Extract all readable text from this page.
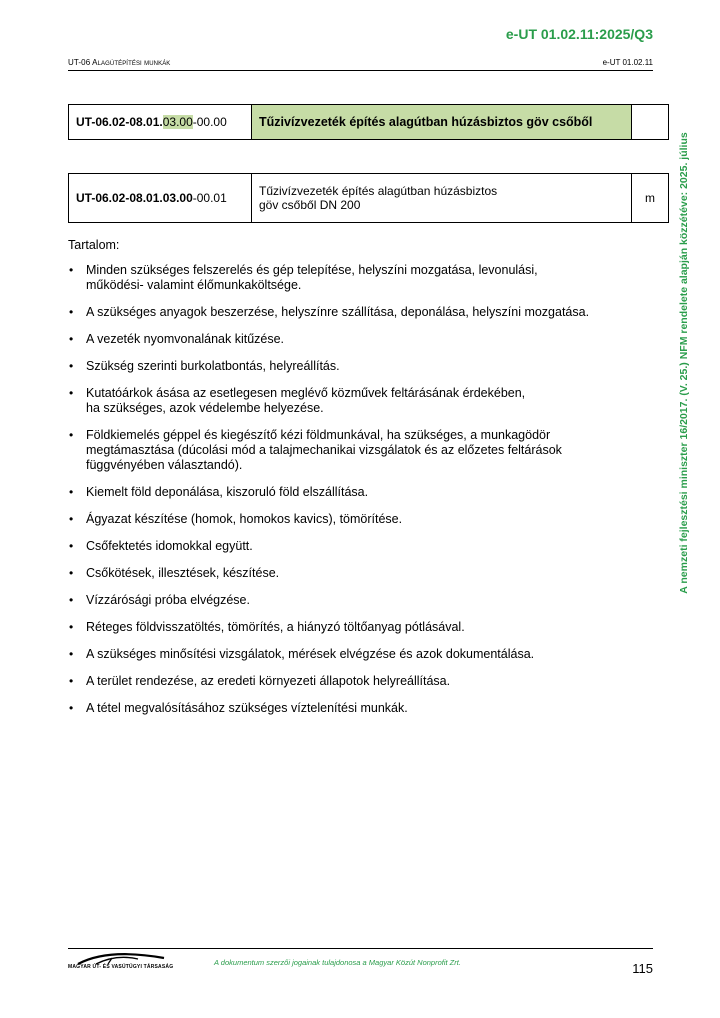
e-UT 01.02.11:2025/Q3
UT-06 Alagútépítési munkák	e-UT 01.02.11
A nemzeti fejlesztési miniszter 16/2017. (V. 25.) NFM rendelete alapján közzétéve: 2025. július
UT-06.02-08.01.03.00-00.00	Tűzivízvezeték építés alagútban húzásbiztos göv csőből	
UT-06.02-08.01.03.00-00.01	Tűzivízvezeték építés alagútban húzásbiztos
göv csőből DN 200	m
Tartalom:
• Minden szükséges felszerelés és gép telepítése, helyszíni mozgatása, levonulási,
működési- valamint élőmunkaköltsége.
• A szükséges anyagok beszerzése, helyszínre szállítása, deponálása, helyszíni mozgatása.
• A vezeték nyomvonalának kitűzése.
• Szükség szerinti burkolatbontás, helyreállítás.
• Kutatóárkok ásása az esetlegesen meglévő közművek feltárásának érdekében,
ha szükséges, azok védelembe helyezése.
• Földkiemelés géppel és kiegészítő kézi földmunkával, ha szükséges, a munkagödör
megtámasztása (dúcolási mód a talajmechanikai vizsgálatok és az előzetes feltárások
függvényében választandó).
• Kiemelt föld deponálása, kiszoruló föld elszállítása.
• Ágyazat készítése (homok, homokos kavics), tömörítése.
• Csőfektetés idomokkal együtt.
• Csőkötések, illesztések, készítése.
• Vízzárósági próba elvégzése.
• Réteges földvisszatöltés, tömörítés, a hiányzó töltőanyag pótlásával.
• A szükséges minősítési vizsgálatok, mérések elvégzése és azok dokumentálása.
• A terület rendezése, az eredeti környezeti állapotok helyreállítása.
• A tétel megvalósításához szükséges víztelenítési munkák.
MAGYAR ÚT- ÉS VASÚTÜGYI TÁRSASÁG	A dokumentum szerzői jogainak tulajdonosa a Magyar Közút Nonprofit Zrt.	115
